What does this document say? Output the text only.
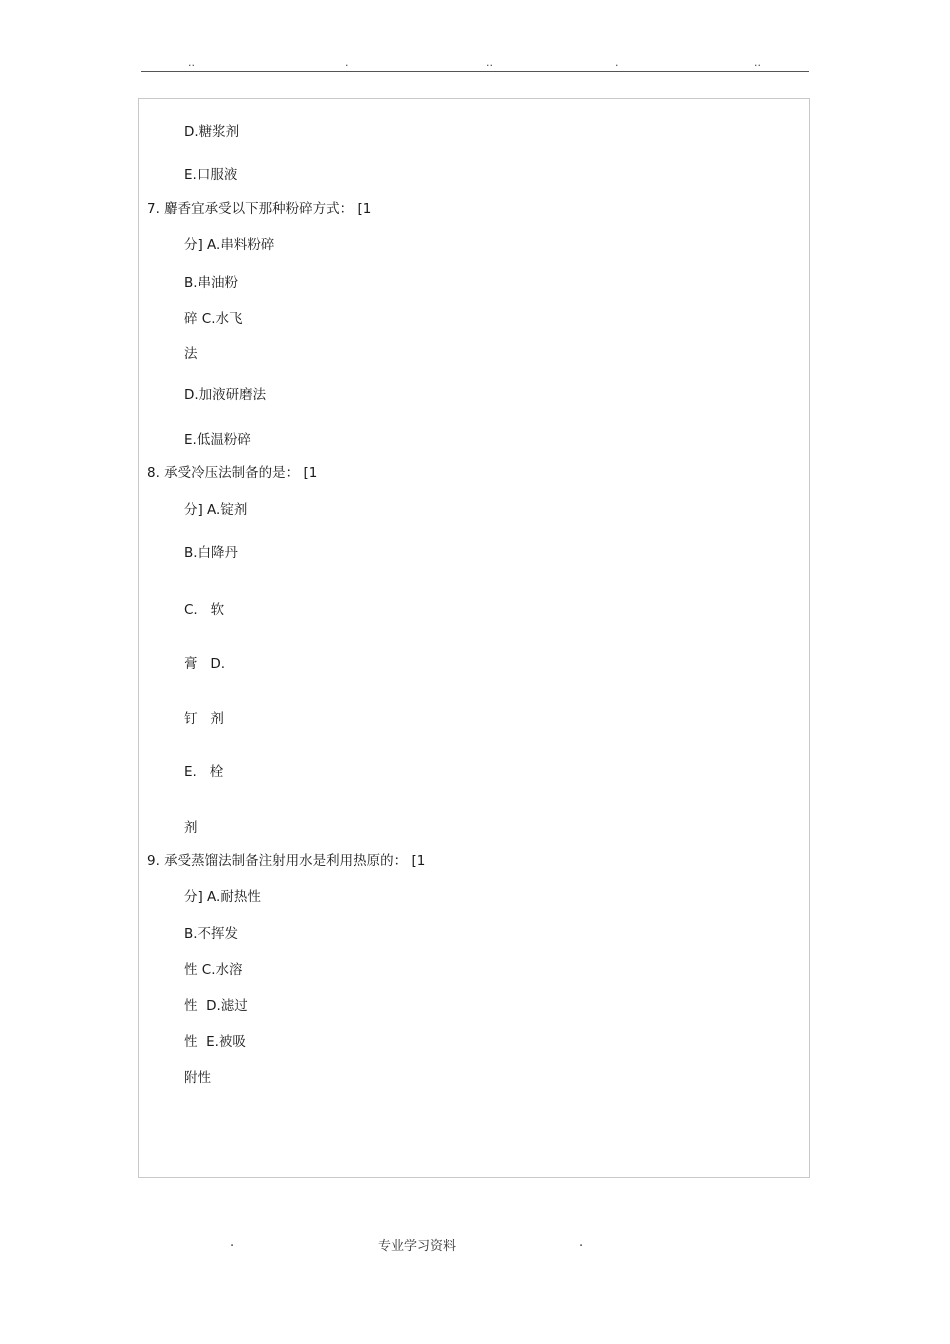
..	.	..	.	..
D.糖浆剂
E.口服液
7. 麝香宜承受以下那种粉碎方式： [1
分] A.串料粉碎
B.串油粉
碎 C.水飞
法
D.加液研磨法
E.低温粉碎
8. 承受冷压法制备的是： [1
分] A.锭剂
B.白降丹
C.   软
膏   D.
钉   剂
E.   栓
剂
9. 承受蒸馏法制备注射用水是利用热原的： [1
分] A.耐热性
B.不挥发
性 C.水溶
性  D.滤过
性  E.被吸
附性
.	专业学习资料	.
